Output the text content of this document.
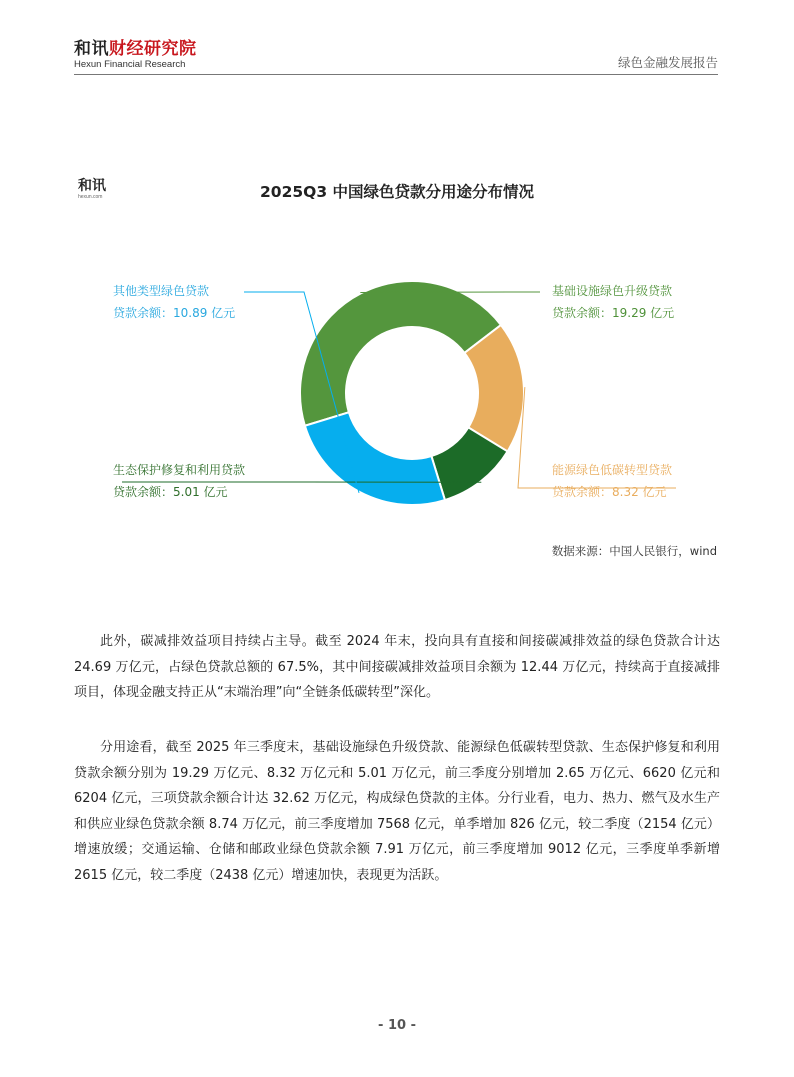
和讯财经研究院
Hexun Financial Research	绿色金融发展报告
和讯
hexun.com	2025Q3 中国绿色贷款分用途分布情况
其他类型绿色贷款
贷款余额：10.89 亿元
基础设施绿色升级贷款
贷款余额：19.29 亿元
生态保护修复和利用贷款
贷款余额：5.01 亿元
能源绿色低碳转型贷款
贷款余额：8.32 亿元
数据来源：中国人民银行，wind

此外，碳减排效益项目持续占主导。截至 2024 年末，投向具有直接和间接碳减排效益的绿色贷款合计达 24.69 万亿元，占绿色贷款总额的 67.5%，其中间接碳减排效益项目余额为 12.44 万亿元，持续高于直接减排项目，体现金融支持正从“末端治理”向“全链条低碳转型”深化。

分用途看，截至 2025 年三季度末，基础设施绿色升级贷款、能源绿色低碳转型贷款、生态保护修复和利用贷款余额分别为 19.29 万亿元、8.32 万亿元和 5.01 万亿元，前三季度分别增加 2.65 万亿元、6620 亿元和 6204 亿元，三项贷款余额合计达 32.62 万亿元，构成绿色贷款的主体。分行业看，电力、热力、燃气及水生产和供应业绿色贷款余额 8.74 万亿元，前三季度增加 7568 亿元，单季增加 826 亿元，较二季度（2154 亿元）增速放缓；交通运输、仓储和邮政业绿色贷款余额 7.91 万亿元，前三季度增加 9012 亿元，三季度单季新增 2615 亿元，较二季度（2438 亿元）增速加快，表现更为活跃。

- 10 -
